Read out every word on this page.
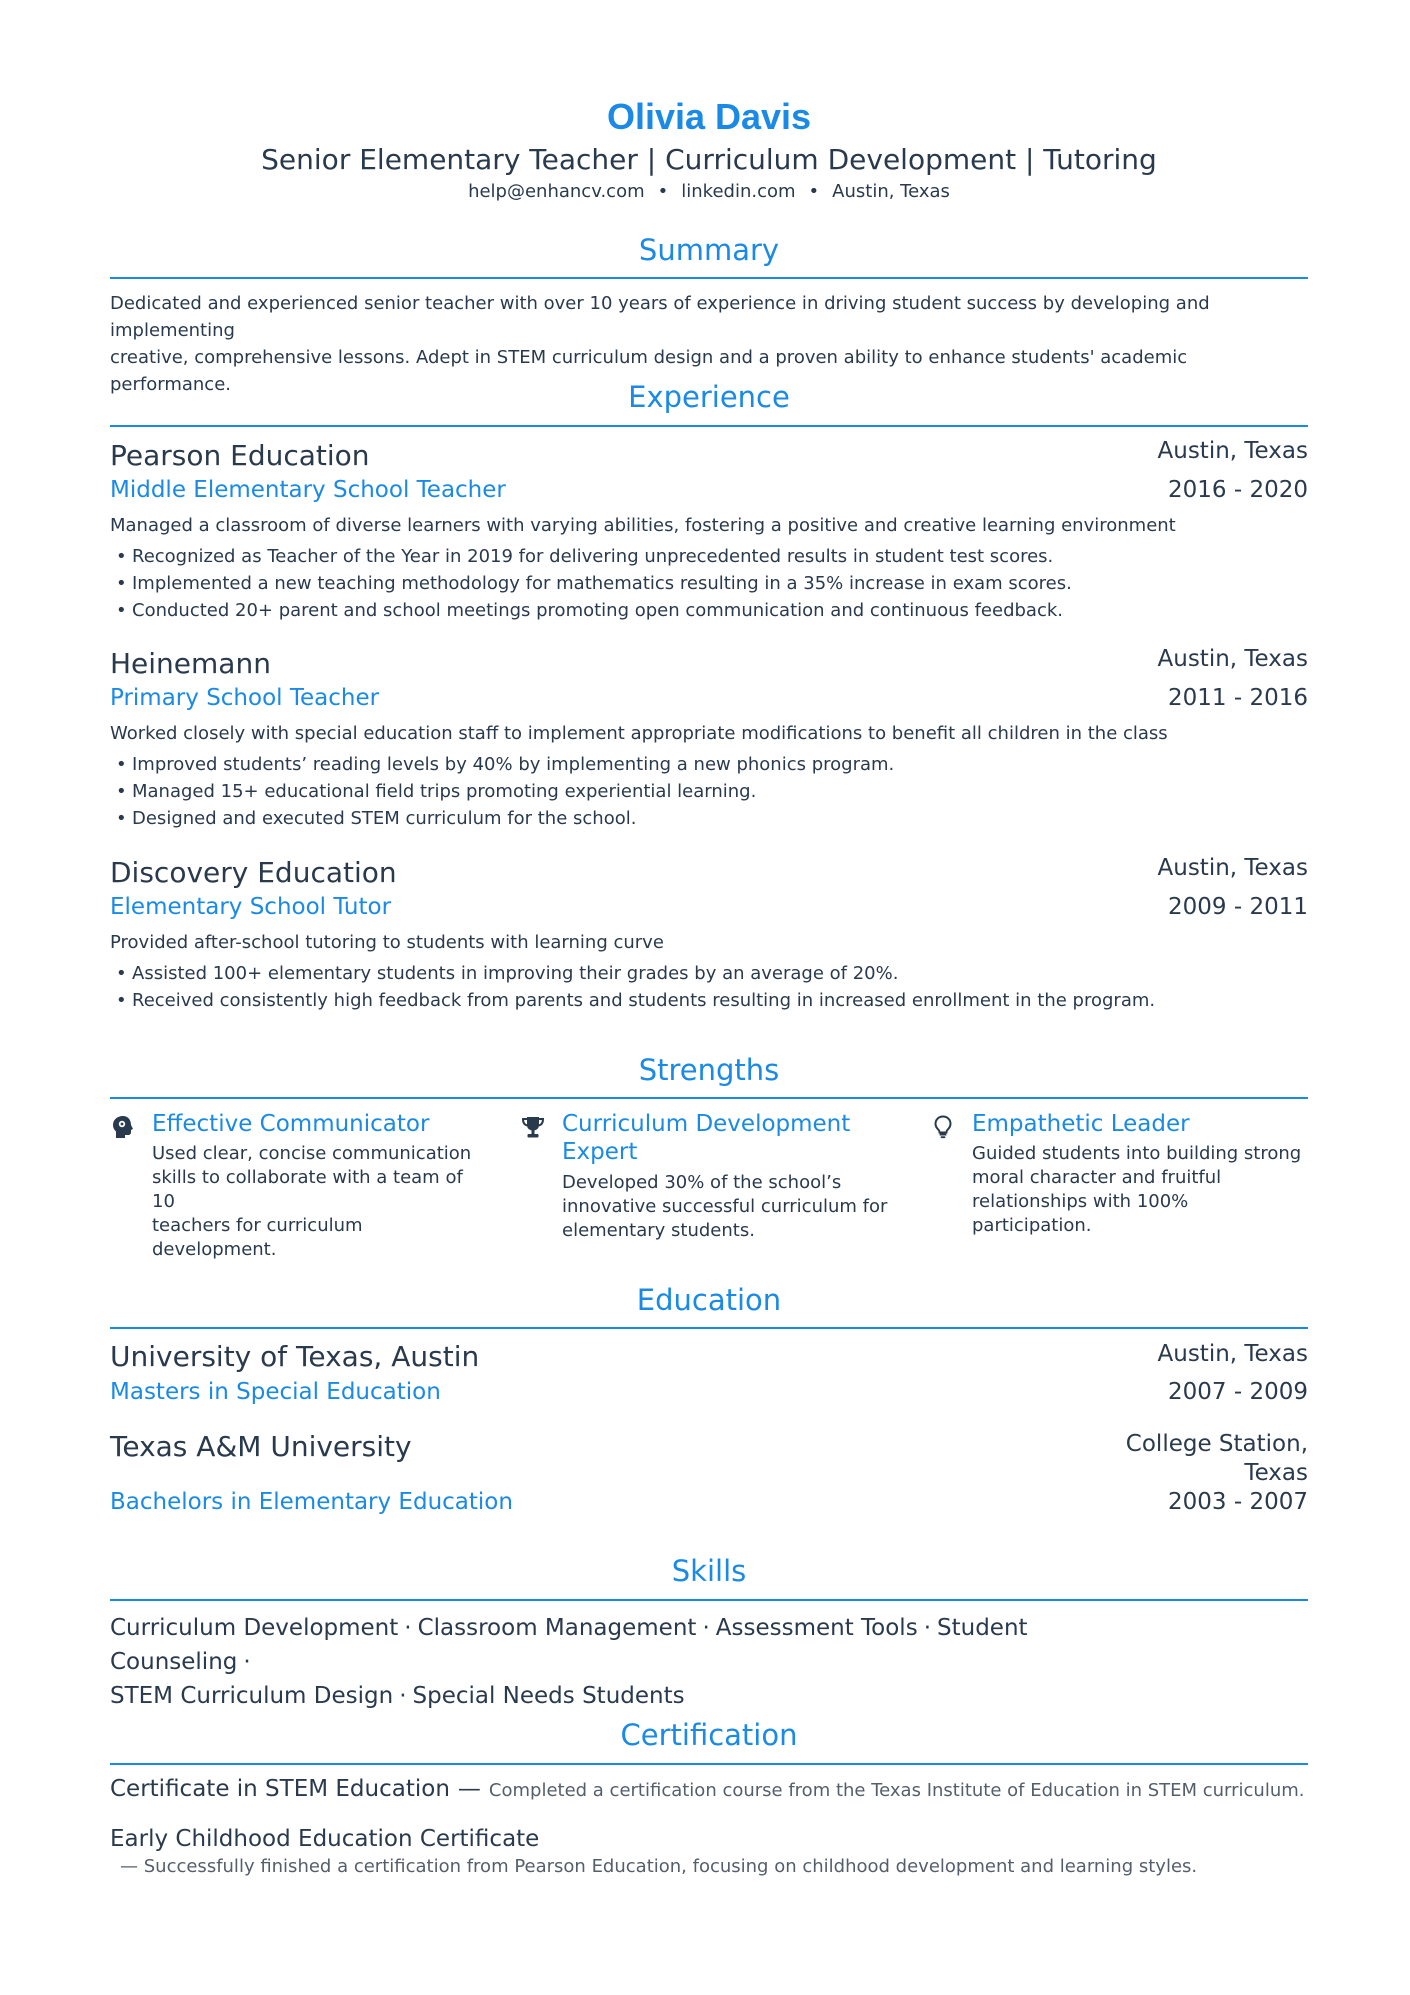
Olivia Davis
Senior Elementary Teacher | Curriculum Development | Tutoring
help@enhancv.com • linkedin.com • Austin, Texas
Summary
Dedicated and experienced senior teacher with over 10 years of experience in driving student success by developing and implementing
creative, comprehensive lessons. Adept in STEM curriculum design and a proven ability to enhance students' academic performance.	Experience
Pearson Education	Austin, Texas
Middle Elementary School Teacher	2016 - 2020
Managed a classroom of diverse learners with varying abilities, fostering a positive and creative learning environment
• Recognized as Teacher of the Year in 2019 for delivering unprecedented results in student test scores.
• Implemented a new teaching methodology for mathematics resulting in a 35% increase in exam scores.
• Conducted 20+ parent and school meetings promoting open communication and continuous feedback.
Heinemann	Austin, Texas
Primary School Teacher	2011 - 2016
Worked closely with special education staff to implement appropriate modifications to benefit all children in the class
• Improved students’ reading levels by 40% by implementing a new phonics program.
• Managed 15+ educational field trips promoting experiential learning.
• Designed and executed STEM curriculum for the school.
Discovery Education	Austin, Texas
Elementary School Tutor	2009 - 2011
Provided after-school tutoring to students with learning curve
• Assisted 100+ elementary students in improving their grades by an average of 20%.
• Received consistently high feedback from parents and students resulting in increased enrollment in the program.
Strengths
Effective Communicator
Used clear, concise communication
skills to collaborate with a team of 10
teachers for curriculum development.
Curriculum Development
Expert
Developed 30% of the school’s
innovative successful curriculum for
elementary students.
Empathetic Leader
Guided students into building strong
moral character and fruitful
relationships with 100% participation.
Education
University of Texas, Austin	Austin, Texas
Masters in Special Education	2007 - 2009
Texas A&M University	College Station,
Texas
Bachelors in Elementary Education	2003 - 2007
Skills
Curriculum Development · Classroom Management · Assessment Tools · Student Counseling ·
STEM Curriculum Design · Special Needs Students
Certification
Certificate in STEM Education — Completed a certification course from the Texas Institute of Education in STEM curriculum.
Early Childhood Education Certificate
— Successfully finished a certification from Pearson Education, focusing on childhood development and learning styles.
